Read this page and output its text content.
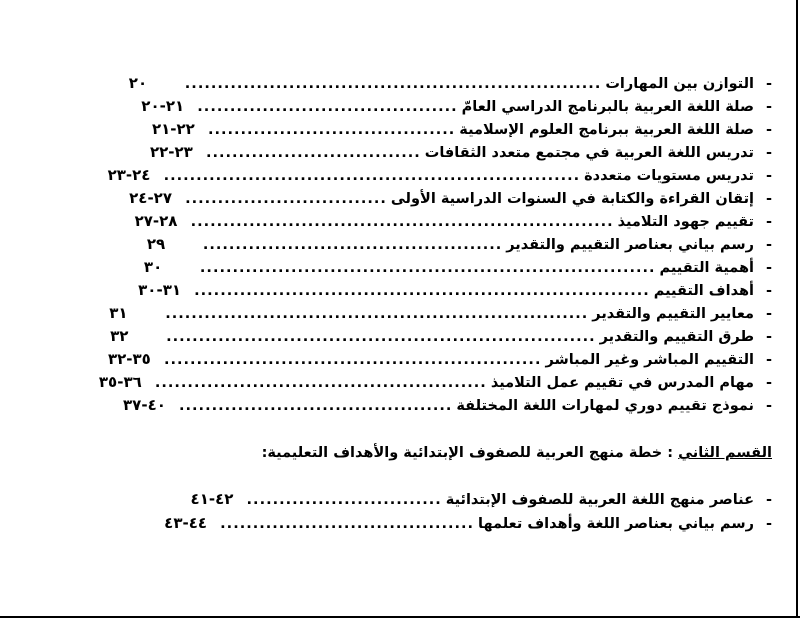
-
التوازن بين المهارات
................................................................
٢٠
-
صلة اللغة العربية بالبرنامج الدراسي العامّ
........................................
٢١-٢٠
-
صلة اللغة العربية ببرنامج العلوم الإسلامية
......................................
٢٢-٢١
-
تدريس اللغة العربية في مجتمع متعدد الثقافات
.................................
٢٣-٢٢
-
تدريس مستويات متعددة
................................................................
٢٤-٢٣
-
إتقان القراءة والكتابة في السنوات الدراسية الأولى
...............................
٢٧-٢٤
-
تقييم جهود التلاميذ
.................................................................
٢٨-٢٧
-
رسم بياني بعناصر التقييم والتقدير
..............................................
٢٩
-
أهمية التقييم
......................................................................
٣٠
-
أهداف التقييم
......................................................................
٣١-٣٠
-
معايير التقييم والتقدير
.................................................................
٣١
-
طرق التقييم والتقدير
..................................................................
٣٢
-
التقييم المباشر وغير المباشر
..........................................................
٣٥-٣٢
-
مهام المدرس في تقييم عمل التلاميذ
...................................................
٣٦-٣٥
-
نموذج تقييم دوري لمهارات اللغة المختلفة
..........................................
٤٠-٣٧
القسم الثاني : خطة منهج العربية للصفوف الإبتدائية والأهداف التعليمية:
-
عناصر منهج اللغة العربية للصفوف الإبتدائية
..............................
٤٢-٤١
-
رسم بياني بعناصر اللغة وأهداف تعلمها
.......................................
٤٤-٤٣
